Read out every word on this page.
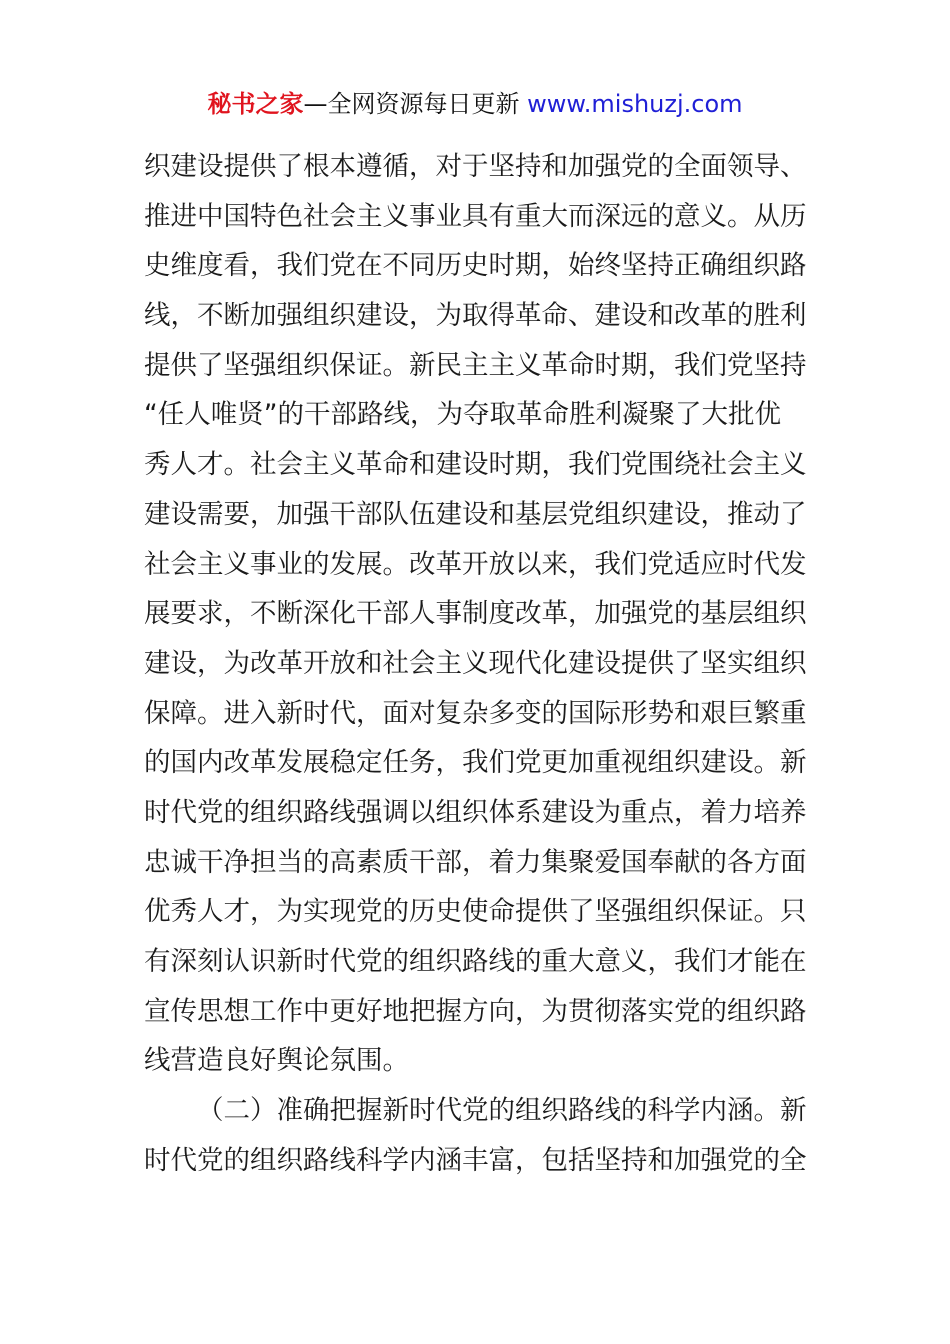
秘书之家—全网资源每日更新 www.mishuzj.com
织建设提供了根本遵循，对于坚持和加强党的全面领导、
推进中国特色社会主义事业具有重大而深远的意义。从历
史维度看，我们党在不同历史时期，始终坚持正确组织路
线，不断加强组织建设，为取得革命、建设和改革的胜利
提供了坚强组织保证。新民主主义革命时期，我们党坚持
“任人唯贤”的干部路线，为夺取革命胜利凝聚了大批优
秀人才。社会主义革命和建设时期，我们党围绕社会主义
建设需要，加强干部队伍建设和基层党组织建设，推动了
社会主义事业的发展。改革开放以来，我们党适应时代发
展要求，不断深化干部人事制度改革，加强党的基层组织
建设，为改革开放和社会主义现代化建设提供了坚实组织
保障。进入新时代，面对复杂多变的国际形势和艰巨繁重
的国内改革发展稳定任务，我们党更加重视组织建设。新
时代党的组织路线强调以组织体系建设为重点，着力培养
忠诚干净担当的高素质干部，着力集聚爱国奉献的各方面
优秀人才，为实现党的历史使命提供了坚强组织保证。只
有深刻认识新时代党的组织路线的重大意义，我们才能在
宣传思想工作中更好地把握方向，为贯彻落实党的组织路
线营造良好舆论氛围。
（二）准确把握新时代党的组织路线的科学内涵。新
时代党的组织路线科学内涵丰富，包括坚持和加强党的全
